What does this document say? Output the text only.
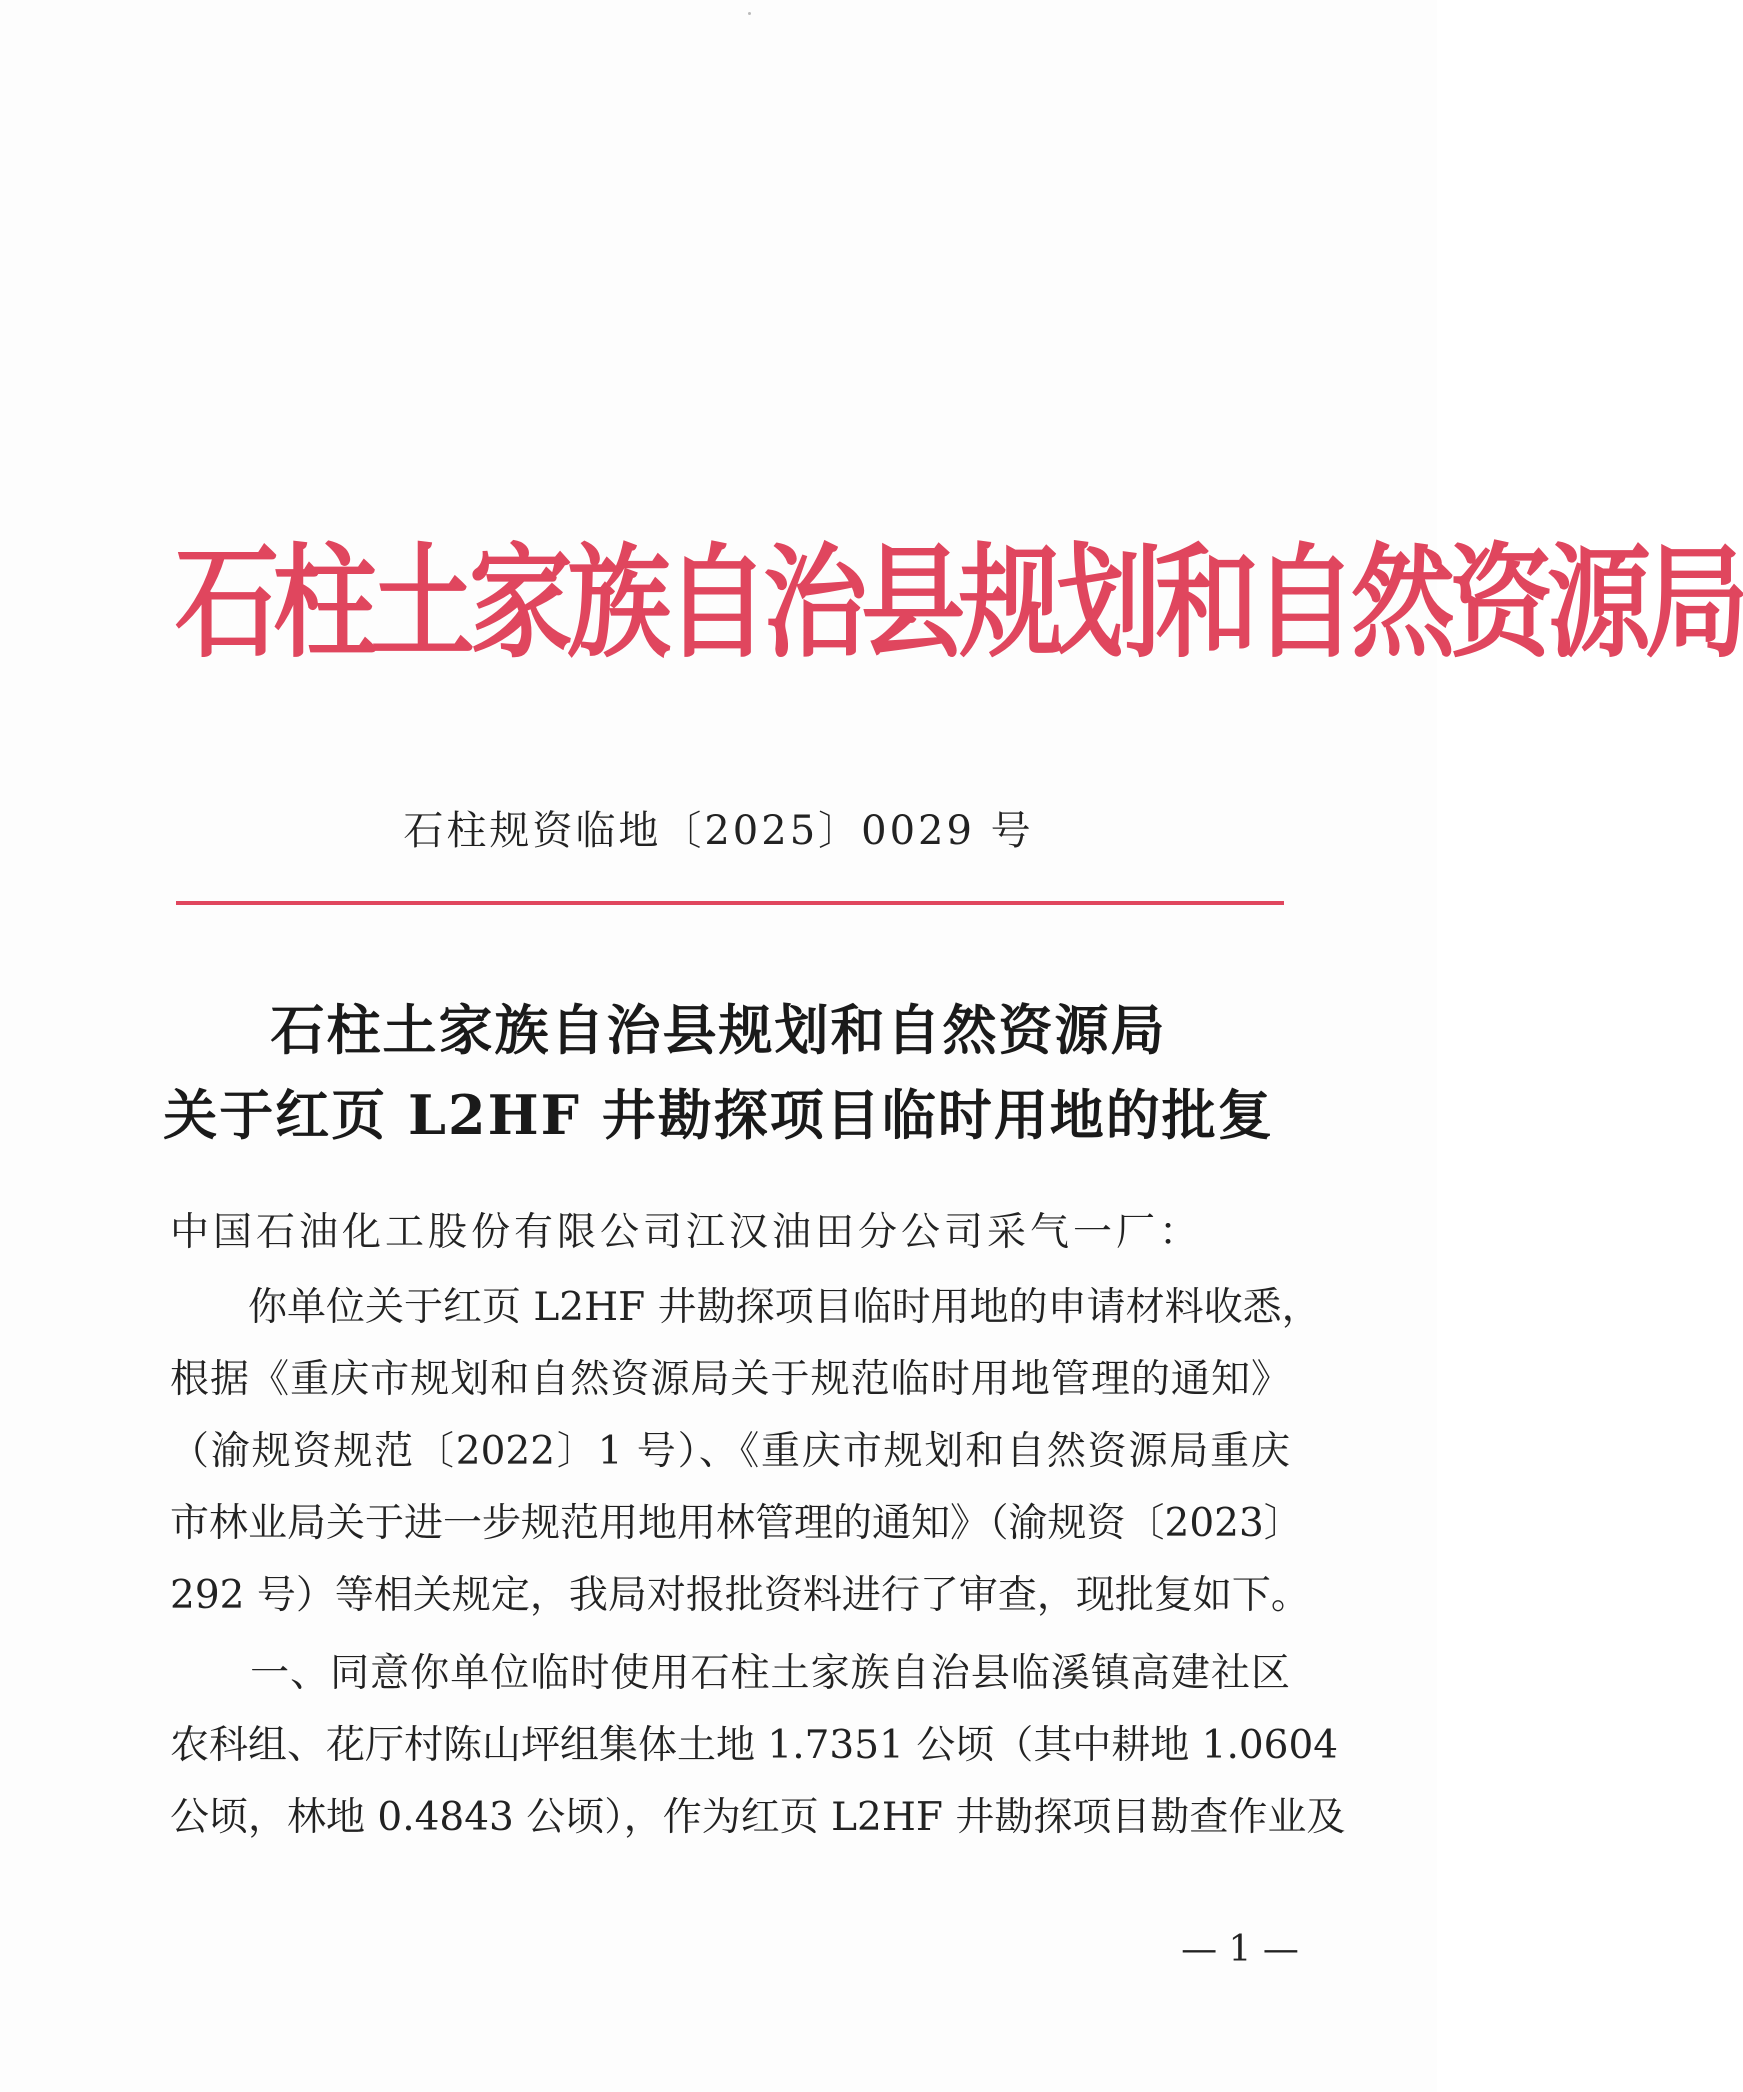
石柱土家族自治县规划和自然资源局
石柱规资临地〔2025〕0029 号
石柱土家族自治县规划和自然资源局
关于红页 L2HF 井勘探项目临时用地的批复
中国石油化工股份有限公司江汉油田分公司采气一厂：
　　你单位关于红页 L2HF 井勘探项目临时用地的申请材料收悉，
根据《重庆市规划和自然资源局关于规范临时用地管理的通知》
（渝规资规范〔2022〕1 号）、《重庆市规划和自然资源局重庆
市林业局关于进一步规范用地用林管理的通知》（渝规资〔2023〕
292 号）等相关规定，我局对报批资料进行了审查，现批复如下。
　　一、同意你单位临时使用石柱土家族自治县临溪镇高建社区
农科组、花厅村陈山坪组集体土地 1.7351 公顷（其中耕地 1.0604
公顷，林地 0.4843 公顷），作为红页 L2HF 井勘探项目勘查作业及
— 1 —
